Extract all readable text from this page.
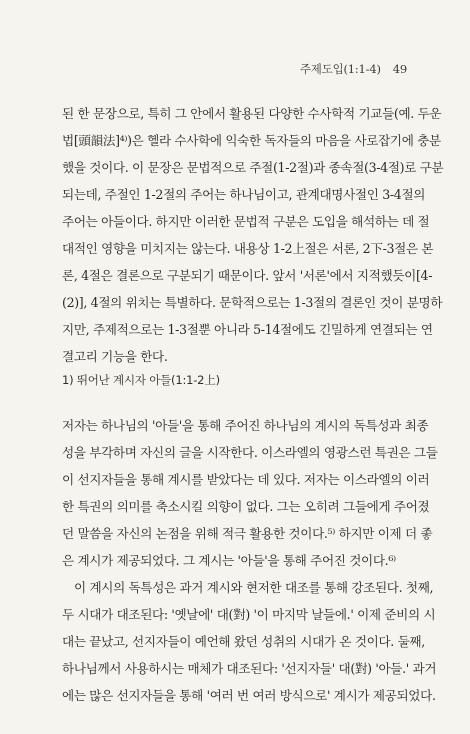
주제도입(1:1-4) 49
된 한 문장으로, 특히 그 안에서 활용된 다양한 수사학적 기교들(예. 두운
법[頭韻法]⁴⁾)은 헬라 수사학에 익숙한 독자들의 마음을 사로잡기에 충분
했을 것이다. 이 문장은 문법적으로 주절(1-2절)과 종속절(3-4절)로 구분
되는데, 주절인 1-2절의 주어는 하나님이고, 관계대명사절인 3-4절의
주어는 아들이다. 하지만 이러한 문법적 구분은 도입을 해석하는 데 절
대적인 영향을 미치지는 않는다. 내용상 1-2上절은 서론, 2下-3절은 본
론, 4절은 결론으로 구분되기 때문이다. 앞서 '서론'에서 지적했듯이[4-
(2)], 4절의 위치는 특별하다. 문학적으로는 1-3절의 결론인 것이 분명하
지만, 주제적으로는 1-3절뿐 아니라 5-14절에도 긴밀하게 연결되는 연
결고리 기능을 한다.
1) 뛰어난 계시자 아들(1:1-2上)
저자는 하나님의 '아들'을 통해 주어진 하나님의 계시의 독특성과 최종
성을 부각하며 자신의 글을 시작한다. 이스라엘의 영광스런 특권은 그들
이 선지자들을 통해 계시를 받았다는 데 있다. 저자는 이스라엘의 이러
한 특권의 의미를 축소시킬 의향이 없다. 그는 오히려 그들에게 주어졌
던 말씀을 자신의 논점을 위해 적극 활용한 것이다.⁵⁾ 하지만 이제 더 좋
은 계시가 제공되었다. 그 계시는 '아들'을 통해 주어진 것이다.⁶⁾
이 계시의 독특성은 과거 계시와 현저한 대조를 통해 강조된다. 첫째,
두 시대가 대조된다: '옛날에' 대(對) '이 마지막 날들에.' 이제 준비의 시
대는 끝났고, 선지자들이 예언해 왔던 성취의 시대가 온 것이다. 둘째,
하나님께서 사용하시는 매체가 대조된다: '선지자들' 대(對) '아들.' 과거
에는 많은 선지자들을 통해 '여러 번 여러 방식으로' 계시가 제공되었다.
